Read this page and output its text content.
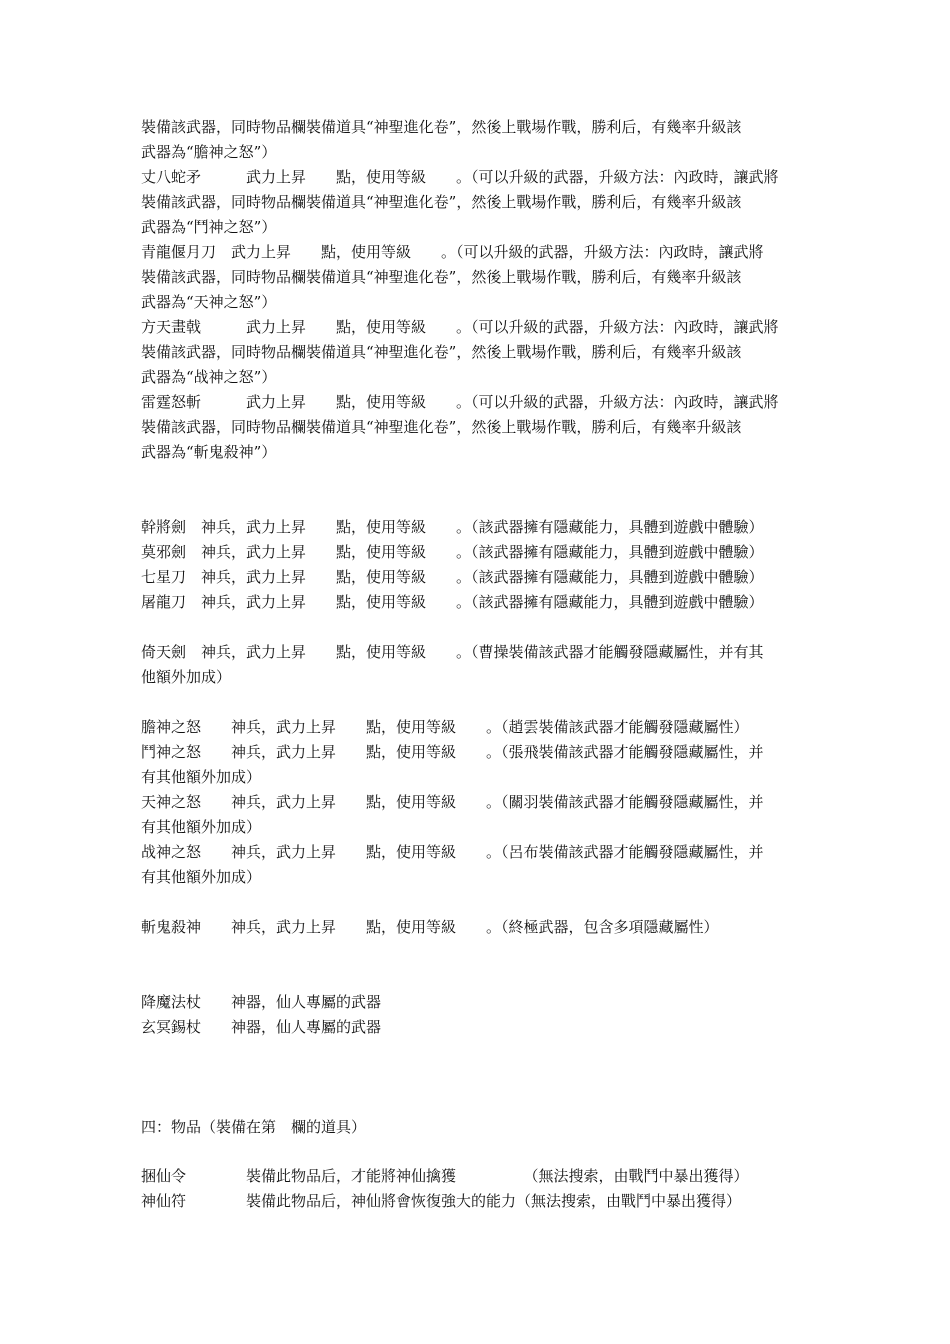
裝備該武器，同時物品欄裝備道具“神聖進化卷”，然後上戰場作戰，勝利后，有幾率升級該
武器為“膽神之怒”）
丈八蛇矛　　　武力上昇　　點，使用等級　　。（可以升級的武器，升級方法：內政時，讓武將
裝備該武器，同時物品欄裝備道具“神聖進化卷”，然後上戰場作戰，勝利后，有幾率升級該
武器為“鬥神之怒”）
青龍偃月刀　武力上昇　　點，使用等級　　。（可以升級的武器，升級方法：內政時，讓武將
裝備該武器，同時物品欄裝備道具“神聖進化卷”，然後上戰場作戰，勝利后，有幾率升級該
武器為“天神之怒”）
方天畫戟　　　武力上昇　　點，使用等級　　。（可以升級的武器，升級方法：內政時，讓武將
裝備該武器，同時物品欄裝備道具“神聖進化卷”，然後上戰場作戰，勝利后，有幾率升級該
武器為“战神之怒”）
雷霆怒斬　　　武力上昇　　點，使用等級　　。（可以升級的武器，升級方法：內政時，讓武將
裝備該武器，同時物品欄裝備道具“神聖進化卷”，然後上戰場作戰，勝利后，有幾率升級該
武器為“斬鬼殺神”）
幹將劍　神兵，武力上昇　　點，使用等級　　。（該武器擁有隱藏能力，具體到遊戲中體驗）
莫邪劍　神兵，武力上昇　　點，使用等級　　。（該武器擁有隱藏能力，具體到遊戲中體驗）
七星刀　神兵，武力上昇　　點，使用等級　　。（該武器擁有隱藏能力，具體到遊戲中體驗）
屠龍刀　神兵，武力上昇　　點，使用等級　　。（該武器擁有隱藏能力，具體到遊戲中體驗）
倚天劍　神兵，武力上昇　　點，使用等級　　。（曹操裝備該武器才能觸發隱藏屬性，并有其
他額外加成）
膽神之怒　　神兵，武力上昇　　點，使用等級　　。（趙雲裝備該武器才能觸發隱藏屬性）
鬥神之怒　　神兵，武力上昇　　點，使用等級　　。（張飛裝備該武器才能觸發隱藏屬性，并
有其他額外加成）
天神之怒　　神兵，武力上昇　　點，使用等級　　。（關羽裝備該武器才能觸發隱藏屬性，并
有其他額外加成）
战神之怒　　神兵，武力上昇　　點，使用等級　　。（呂布裝備該武器才能觸發隱藏屬性，并
有其他額外加成）
斬鬼殺神　　神兵，武力上昇　　點，使用等級　　。（終極武器，包含多項隱藏屬性）
降魔法杖　　神器，仙人專屬的武器
玄冥錫杖　　神器，仙人專屬的武器
四：物品（裝備在第　欄的道具）
捆仙令　　　　裝備此物品后，才能將神仙擒獲　　　　　（無法搜索，由戰鬥中暴出獲得）
神仙符　　　　裝備此物品后，神仙將會恢復強大的能力（無法搜索，由戰鬥中暴出獲得）
